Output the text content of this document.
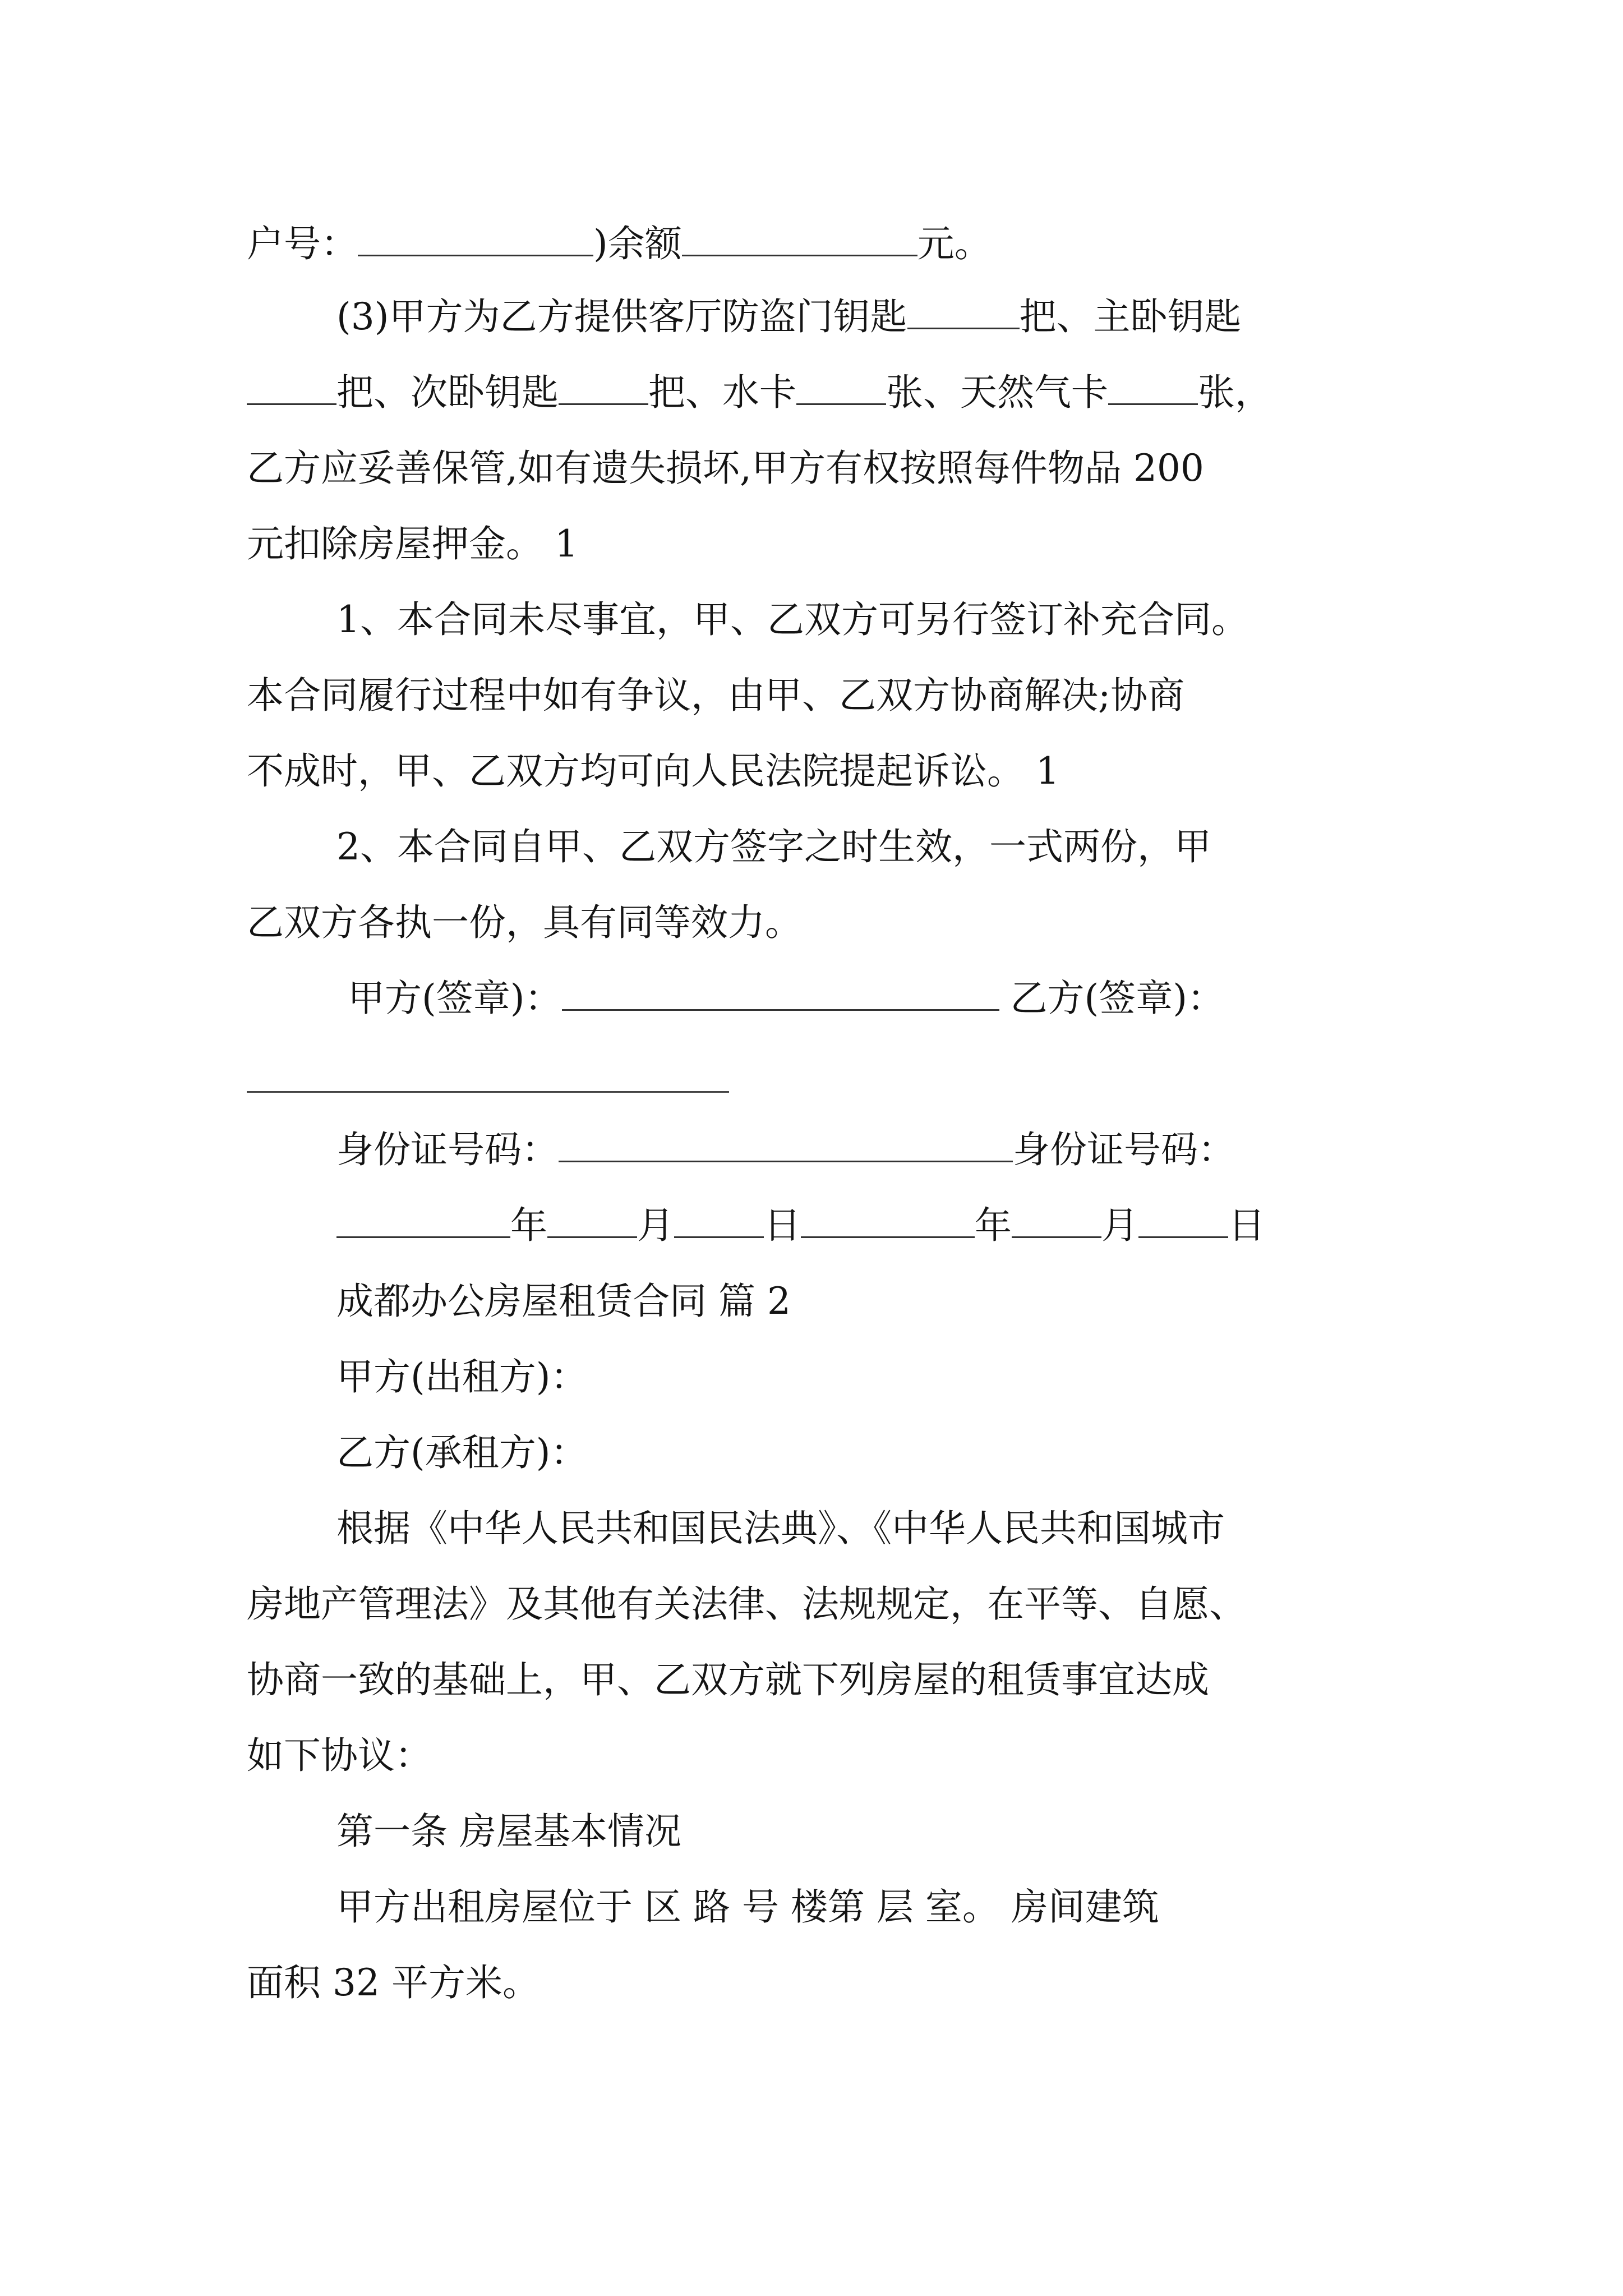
户号：	)余额	元。
(3)甲方为乙方提供客厅防盗门钥匙	把、主卧钥匙
把、次卧钥匙 把、水卡 张、天然气卡 张，
乙方应妥善保管,如有遗失损坏,甲方有权按照每件物品 200
元扣除房屋押金。 1
1、本合同未尽事宜，甲、乙双方可另行签订补充合同。
本合同履行过程中如有争议，由甲、乙双方协商解决;协商
不成时，甲、乙双方均可向人民法院提起诉讼。 1
2、本合同自甲、乙双方签字之时生效，一式两份，甲
乙双方各执一份，具有同等效力。
甲方(签章)：	乙方(签章)：
身份证号码：	身份证号码：
年 月 日	年 月 日
成都办公房屋租赁合同 篇 2
甲方(出租方)：
乙方(承租方)：
根据《中华人民共和国民法典》、《中华人民共和国城市
房地产管理法》及其他有关法律、法规规定，在平等、自愿、
协商一致的基础上，甲、乙双方就下列房屋的租赁事宜达成
如下协议：
第一条 房屋基本情况
甲方出租房屋位于 区 路 号 楼第 层 室。 房间建筑
面积 32 平方米。
